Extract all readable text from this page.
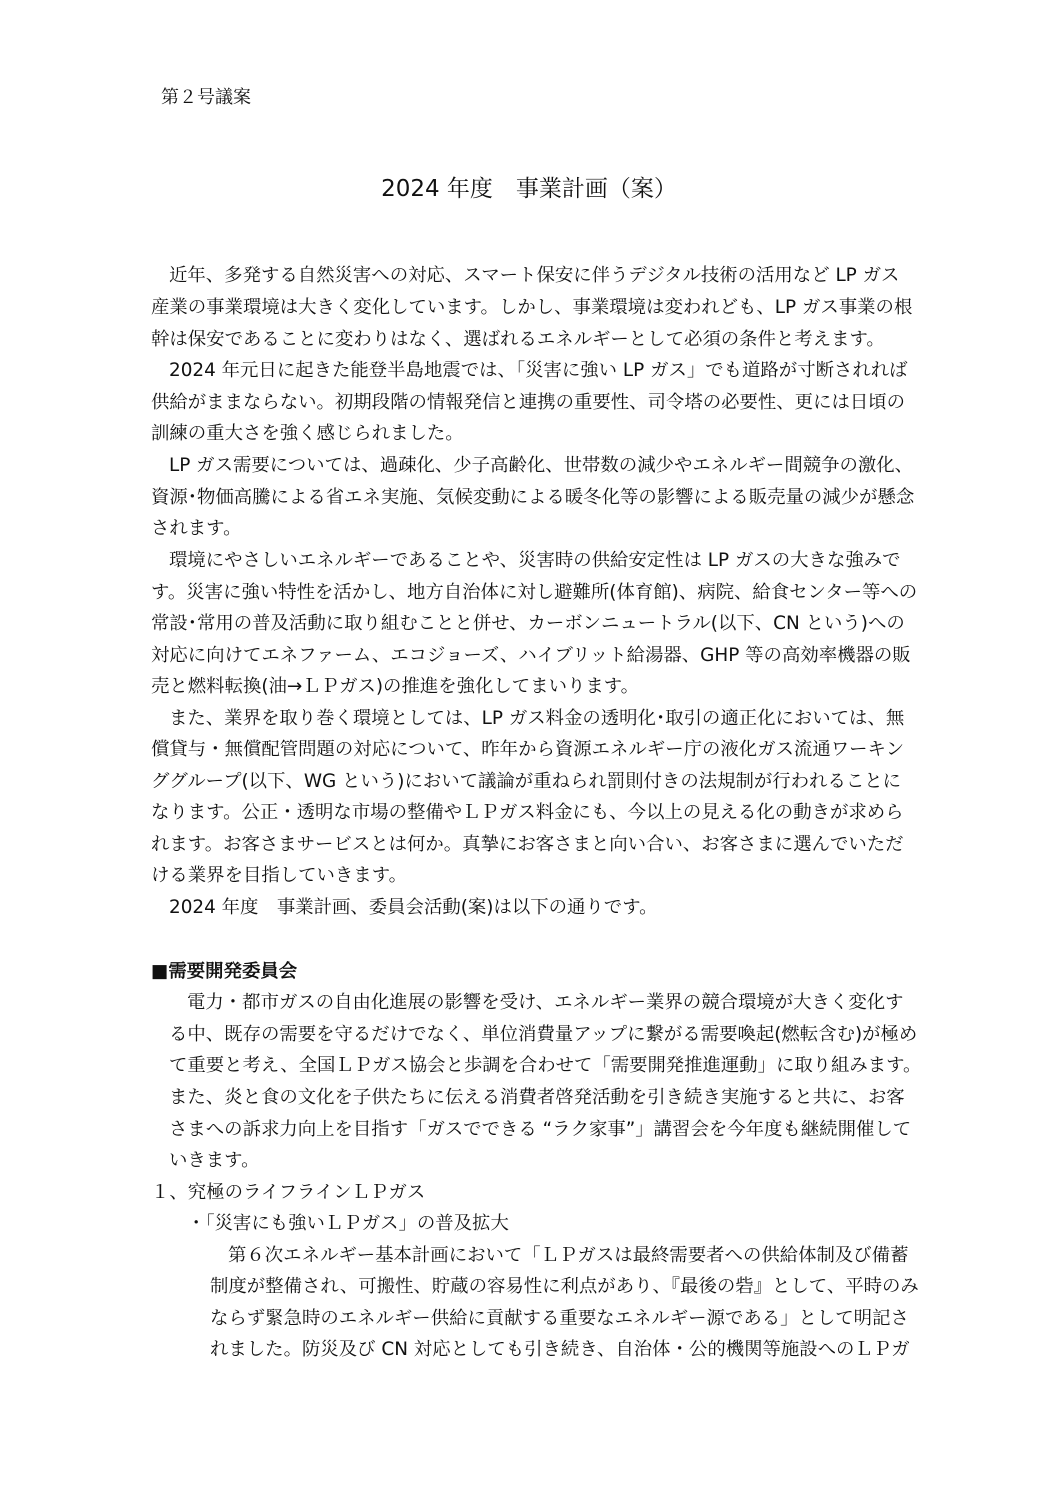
第２号議案
2024 年度　事業計画（案）
近年、多発する自然災害への対応、スマート保安に伴うデジタル技術の活用など LP ガス
産業の事業環境は大きく変化しています。しかし、事業環境は変われども、LP ガス事業の根
幹は保安であることに変わりはなく、選ばれるエネルギーとして必須の条件と考えます。
2024 年元日に起きた能登半島地震では、「災害に強い LP ガス」でも道路が寸断されれば
供給がままならない。初期段階の情報発信と連携の重要性、司令塔の必要性、更には日頃の
訓練の重大さを強く感じられました。
LP ガス需要については、過疎化、少子高齢化、世帯数の減少やエネルギー間競争の激化、
資源･物価高騰による省エネ実施、気候変動による暖冬化等の影響による販売量の減少が懸念
されます。
環境にやさしいエネルギーであることや、災害時の供給安定性は LP ガスの大きな強みで
す。災害に強い特性を活かし、地方自治体に対し避難所(体育館)、病院、給食センター等への
常設･常用の普及活動に取り組むことと併せ、カーボンニュートラル(以下、CN という)への
対応に向けてエネファーム、エコジョーズ、ハイブリット給湯器、GHP 等の高効率機器の販
売と燃料転換(油→ＬＰガス)の推進を強化してまいります。
また、業界を取り巻く環境としては、LP ガス料金の透明化･取引の適正化においては、無
償貸与・無償配管問題の対応について、昨年から資源エネルギー庁の液化ガス流通ワーキン
ググループ(以下、WG という)において議論が重ねられ罰則付きの法規制が行われることに
なります。公正・透明な市場の整備やＬＰガス料金にも、今以上の見える化の動きが求めら
れます。お客さまサービスとは何か。真摯にお客さまと向い合い、お客さまに選んでいただ
ける業界を目指していきます。
2024 年度　事業計画、委員会活動(案)は以下の通りです。
■需要開発委員会
電力・都市ガスの自由化進展の影響を受け、エネルギー業界の競合環境が大きく変化す
る中、既存の需要を守るだけでなく、単位消費量アップに繋がる需要喚起(燃転含む)が極め
て重要と考え、全国ＬＰガス協会と歩調を合わせて「需要開発推進運動」に取り組みます。
また、炎と食の文化を子供たちに伝える消費者啓発活動を引き続き実施すると共に、お客
さまへの訴求力向上を目指す「ガスでできる “ラク家事”」講習会を今年度も継続開催して
いきます。
１、究極のライフラインＬＰガス
・「災害にも強いＬＰガス」の普及拡大
第６次エネルギー基本計画において「ＬＰガスは最終需要者への供給体制及び備蓄
制度が整備され、可搬性、貯蔵の容易性に利点があり、『最後の砦』として、平時のみ
ならず緊急時のエネルギー供給に貢献する重要なエネルギー源である」として明記さ
れました。防災及び CN 対応としても引き続き、自治体・公的機関等施設へのＬＰガ
